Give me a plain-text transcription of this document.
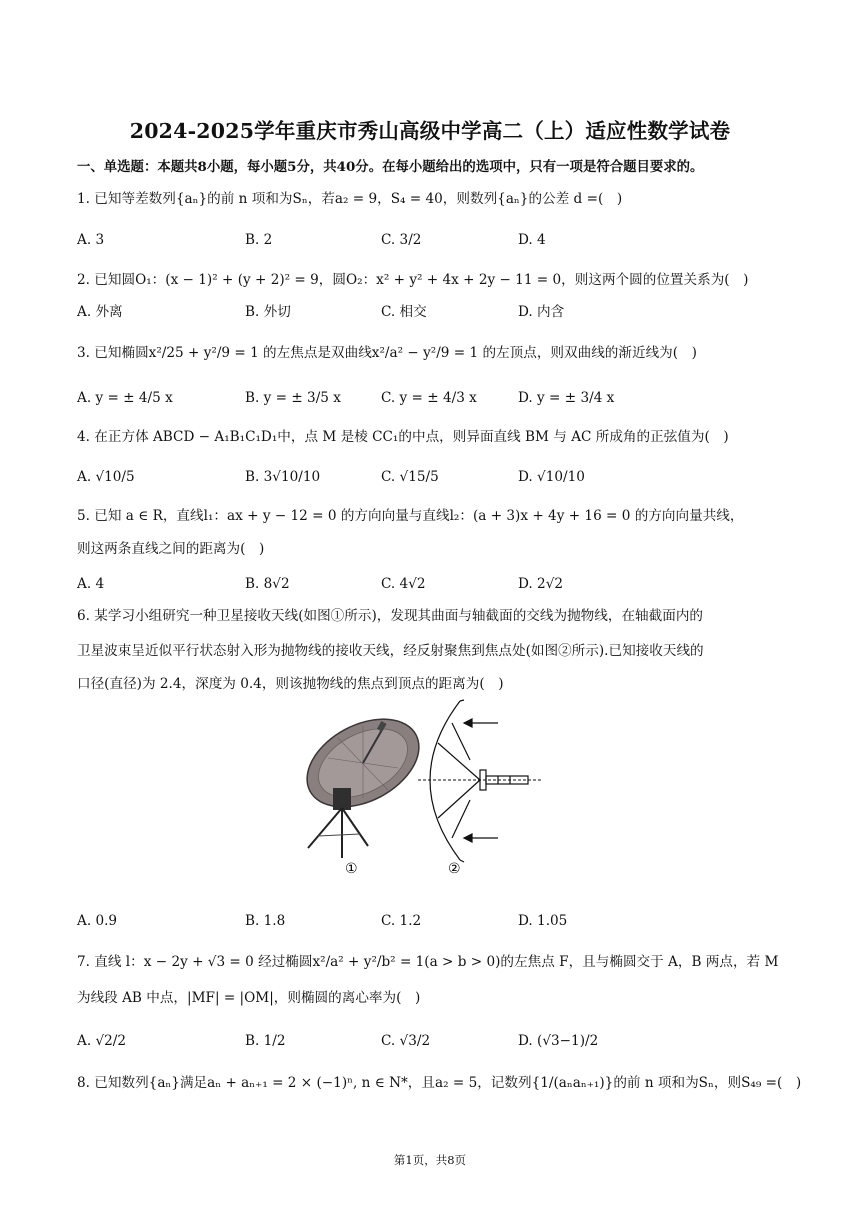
2024-2025学年重庆市秀山高级中学高二（上）适应性数学试卷
一、单选题：本题共8小题，每小题5分，共40分。在每小题给出的选项中，只有一项是符合题目要求的。
1. 已知等差数列{aₙ}的前 n 项和为Sₙ，若a₂ = 9，S₄ = 40，则数列{aₙ}的公差 d =(　)
A. 3	B. 2	C. 3/2	D. 4
2. 已知圆O₁：(x − 1)² + (y + 2)² = 9，圆O₂：x² + y² + 4x + 2y − 11 = 0，则这两个圆的位置关系为(　)
A. 外离	B. 外切	C. 相交	D. 内含
3. 已知椭圆x²/25 + y²/9 = 1 的左焦点是双曲线x²/a² − y²/9 = 1 的左顶点，则双曲线的渐近线为(　)
A. y = ± 4/5 x	B. y = ± 3/5 x	C. y = ± 4/3 x	D. y = ± 3/4 x
4. 在正方体 ABCD − A₁B₁C₁D₁中，点 M 是棱 CC₁的中点，则异面直线 BM 与 AC 所成角的正弦值为(　)
A. √10/5	B. 3√10/10	C. √15/5	D. √10/10
5. 已知 a ∈ R，直线l₁：ax + y − 12 = 0 的方向向量与直线l₂：(a + 3)x + 4y + 16 = 0 的方向向量共线，
则这两条直线之间的距离为(　)
A. 4	B. 8√2	C. 4√2	D. 2√2
6. 某学习小组研究一种卫星接收天线(如图①所示)，发现其曲面与轴截面的交线为抛物线，在轴截面内的
卫星波束呈近似平行状态射入形为抛物线的接收天线，经反射聚焦到焦点处(如图②所示).已知接收天线的
口径(直径)为 2.4，深度为 0.4，则该抛物线的焦点到顶点的距离为(　)
①	②
A. 0.9	B. 1.8	C. 1.2	D. 1.05
7. 直线 l：x − 2y + √3 = 0 经过椭圆x²/a² + y²/b² = 1(a > b > 0)的左焦点 F，且与椭圆交于 A，B 两点，若 M
为线段 AB 中点，|MF| = |OM|，则椭圆的离心率为(　)
A. √2/2	B. 1/2	C. √3/2	D. (√3−1)/2
8. 已知数列{aₙ}满足aₙ + aₙ₊₁ = 2 × (−1)ⁿ, n ∈ N*，且a₂ = 5，记数列{1/(aₙaₙ₊₁)}的前 n 项和为Sₙ，则S₄₉ =(　)
第1页，共8页
